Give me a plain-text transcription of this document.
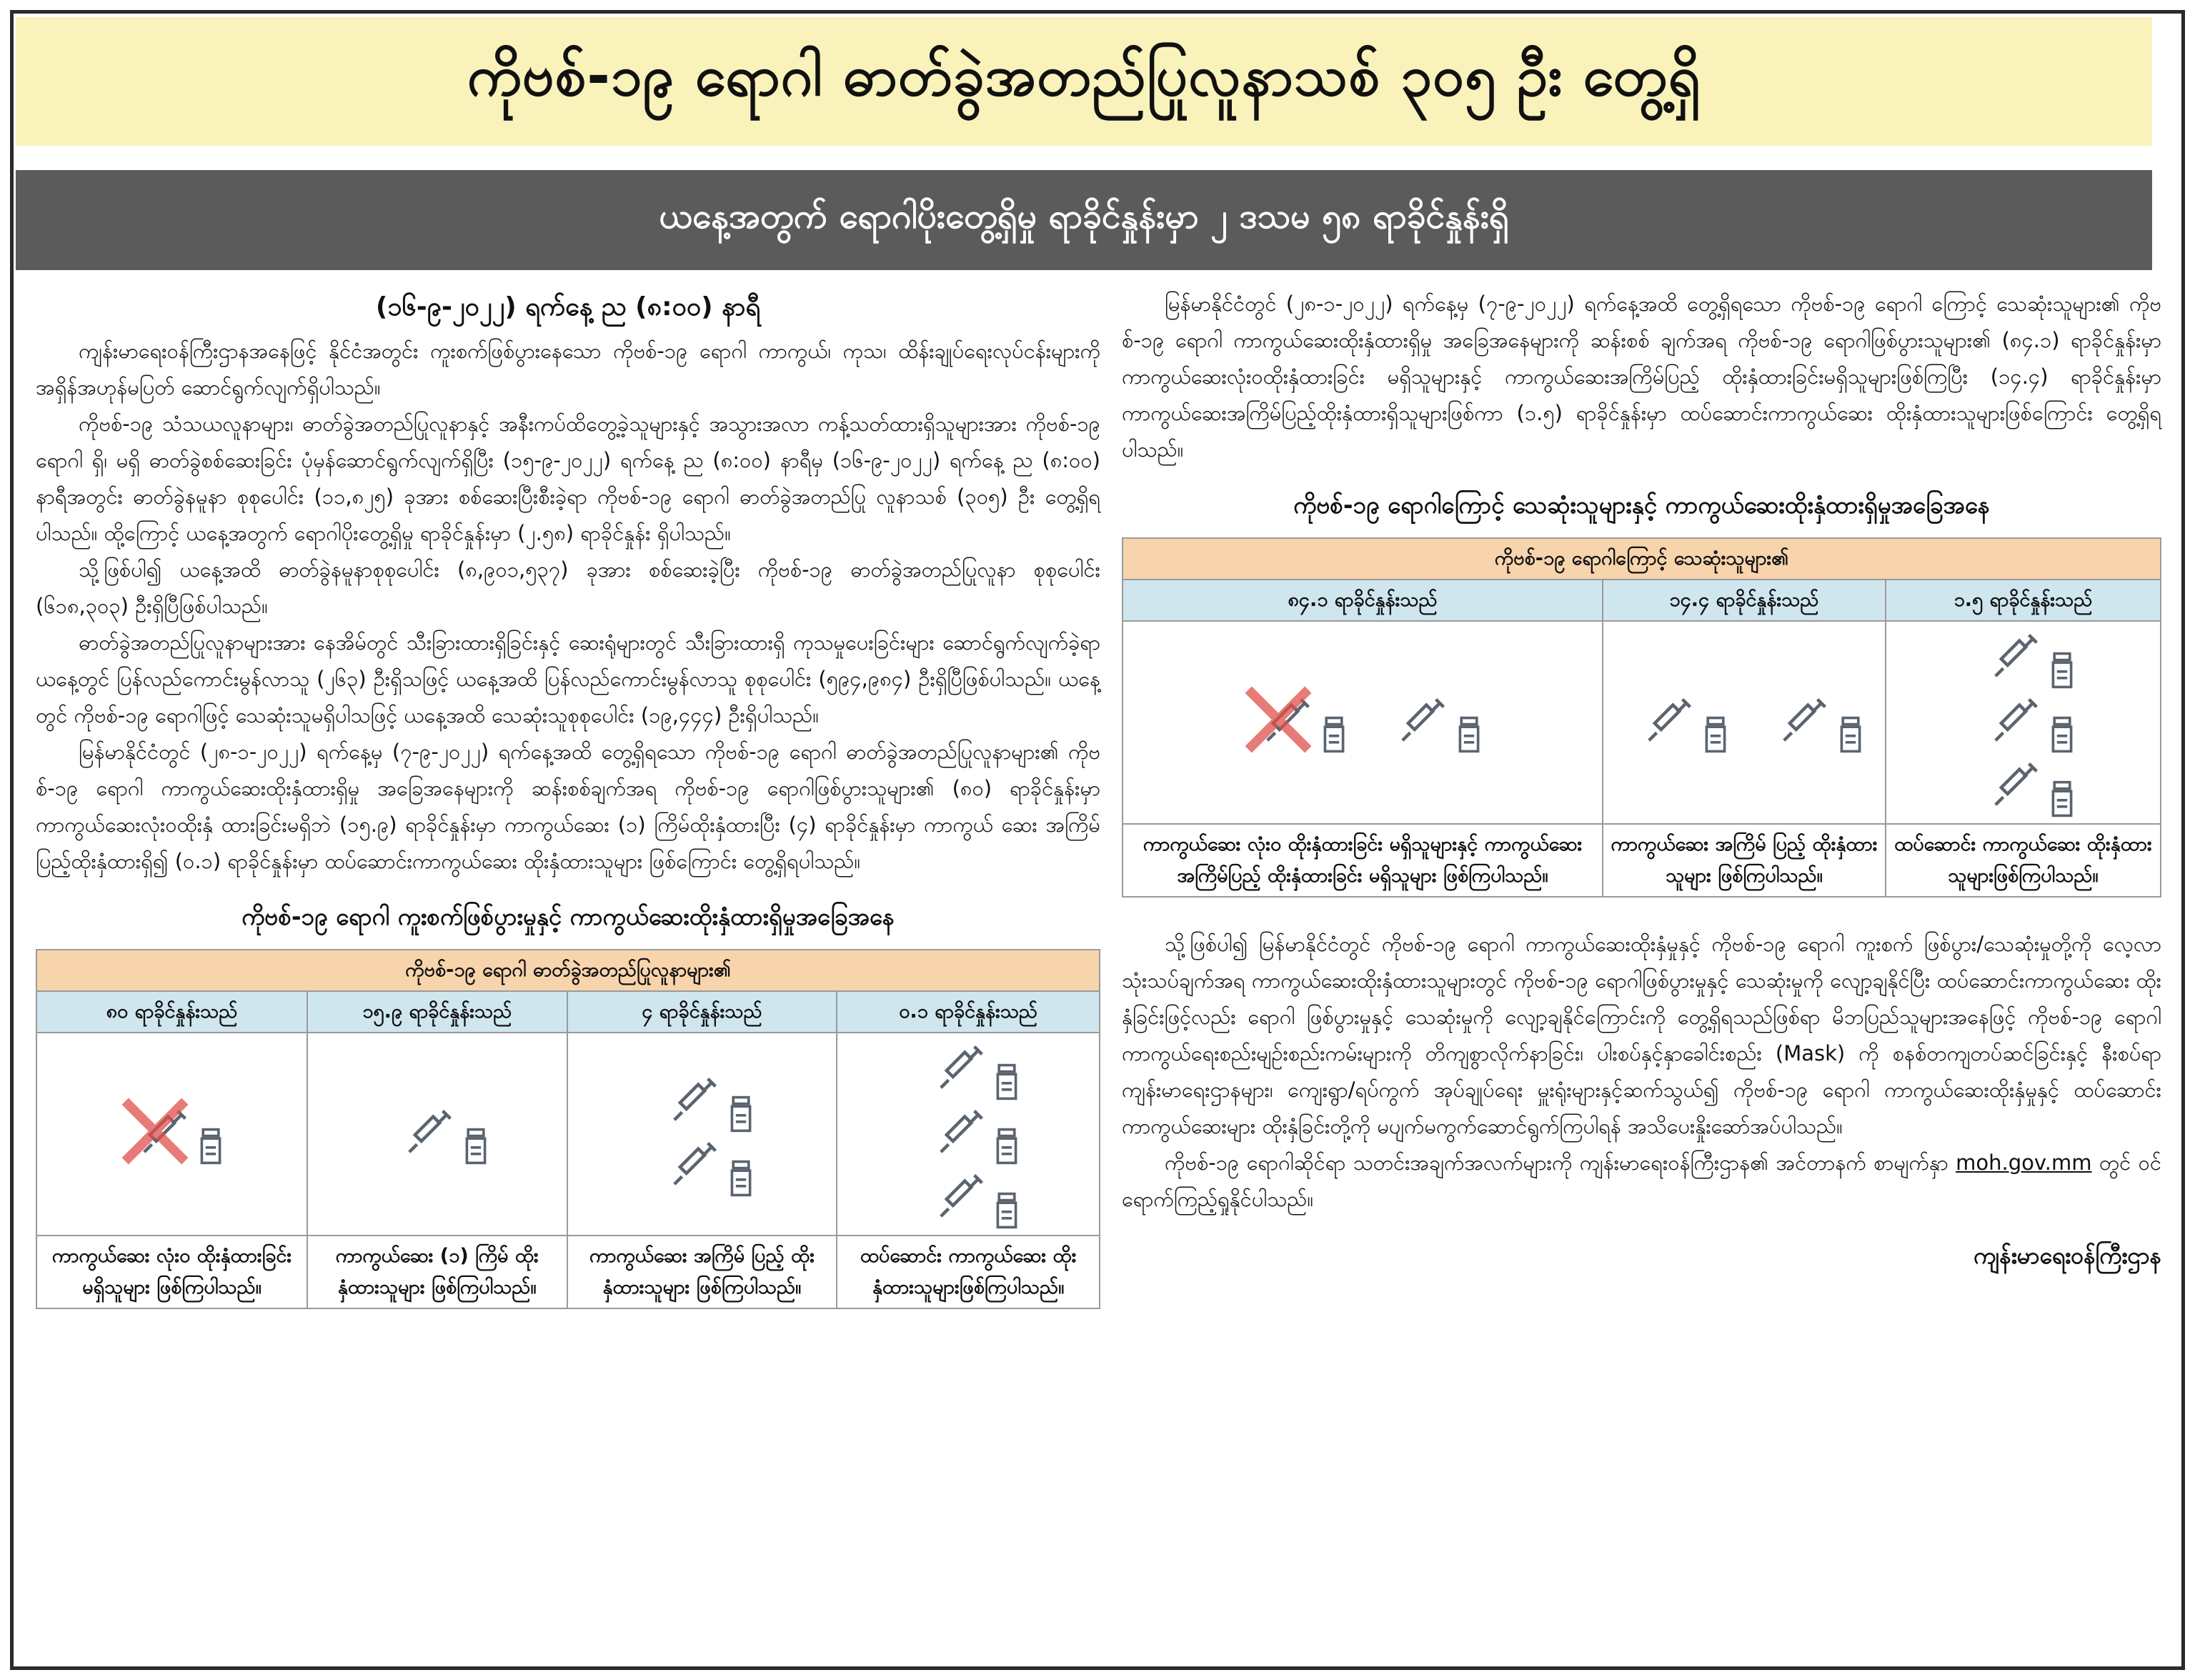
ကိုဗစ်-၁၉ ရောဂါ ဓာတ်ခွဲအတည်ပြုလူနာသစ် ၃၀၅ ဦး တွေ့ရှိ
ယနေ့အတွက် ရောဂါပိုးတွေ့ရှိမှု ရာခိုင်နှုန်းမှာ ၂ ဒသမ ၅၈ ရာခိုင်နှုန်းရှိ
(၁၆-၉-၂၀၂၂) ရက်နေ့ ည (၈:၀၀) နာရီ

ကျန်းမာရေးဝန်ကြီးဌာနအနေဖြင့် နိုင်ငံအတွင်း ကူးစက်ဖြစ်ပွားနေသော ကိုဗစ်-၁၉ ရောဂါ ကာကွယ်၊ ကုသ၊ ထိန်းချုပ်ရေးလုပ်ငန်းများကို အရှိန်အဟုန်မပြတ် ဆောင်ရွက်လျက်ရှိပါသည်။

ကိုဗစ်-၁၉ သံသယလူနာများ၊ ဓာတ်ခွဲအတည်ပြုလူနာနှင့် အနီးကပ်ထိတွေ့ခဲ့သူများနှင့် အသွားအလာ ကန့်သတ်ထားရှိသူများအား ကိုဗစ်-၁၉ ရောဂါ ရှိ၊ မရှိ ဓာတ်ခွဲစစ်ဆေးခြင်း ပုံမှန်ဆောင်ရွက်လျက်ရှိပြီး (၁၅-၉-၂၀၂၂) ရက်နေ့ ည (၈:၀၀) နာရီမှ (၁၆-၉-၂၀၂၂) ရက်နေ့ ည (၈:၀၀) နာရီအတွင်း ဓာတ်ခွဲနမူနာ စုစုပေါင်း (၁၁,၈၂၅) ခုအား စစ်ဆေးပြီးစီးခဲ့ရာ ကိုဗစ်-၁၉ ရောဂါ ဓာတ်ခွဲအတည်ပြု လူနာသစ် (၃၀၅) ဦး တွေ့ရှိရပါသည်။ ထို့ကြောင့် ယနေ့အတွက် ရောဂါပိုးတွေ့ရှိမှု ရာခိုင်နှုန်းမှာ (၂.၅၈) ရာခိုင်နှုန်း ရှိပါသည်။

သို့ဖြစ်ပါ၍ ယနေ့အထိ ဓာတ်ခွဲနမူနာစုစုပေါင်း (၈,၉၀၁,၅၃၇) ခုအား စစ်ဆေးခဲ့ပြီး ကိုဗစ်-၁၉ ဓာတ်ခွဲအတည်ပြုလူနာ စုစုပေါင်း (၆၁၈,၃၀၃) ဦးရှိပြီဖြစ်ပါသည်။

ဓာတ်ခွဲအတည်ပြုလူနာများအား နေအိမ်တွင် သီးခြားထားရှိခြင်းနှင့် ဆေးရုံများတွင် သီးခြားထားရှိ ကုသမှုပေးခြင်းများ ဆောင်ရွက်လျက်ခဲ့ရာ ယနေ့တွင် ပြန်လည်ကောင်းမွန်လာသူ (၂၆၃) ဦးရှိသဖြင့် ယနေ့အထိ ပြန်လည်ကောင်းမွန်လာသူ စုစုပေါင်း (၅၉၄,၉၈၄) ဦးရှိပြီဖြစ်ပါသည်။ ယနေ့တွင် ကိုဗစ်-၁၉ ရောဂါဖြင့် သေဆုံးသူမရှိပါသဖြင့် ယနေ့အထိ သေဆုံးသူစုစုပေါင်း (၁၉,၄၄၄) ဦးရှိပါသည်။

မြန်မာနိုင်ငံတွင် (၂၈-၁-၂၀၂၂) ရက်နေ့မှ (၇-၉-၂၀၂၂) ရက်နေ့အထိ တွေ့ရှိရသော ကိုဗစ်-၁၉ ရောဂါ ဓာတ်ခွဲအတည်ပြုလူနာများ၏ ကိုဗစ်-၁၉ ရောဂါ ကာကွယ်ဆေးထိုးနှံထားရှိမှု အခြေအနေများကို ဆန်းစစ်ချက်အရ ကိုဗစ်-၁၉ ရောဂါဖြစ်ပွားသူများ၏ (၈၀) ရာခိုင်နှုန်းမှာ ကာကွယ်ဆေးလုံးဝထိုးနှံ ထားခြင်းမရှိဘဲ (၁၅.၉) ရာခိုင်နှုန်းမှာ ကာကွယ်ဆေး (၁) ကြိမ်ထိုးနှံထားပြီး (၄) ရာခိုင်နှုန်းမှာ ကာကွယ် ဆေး အကြိမ်ပြည့်ထိုးနှံထားရှိ၍ (၀.၁) ရာခိုင်နှုန်းမှာ ထပ်ဆောင်းကာကွယ်ဆေး ထိုးနှံထားသူများ ဖြစ်ကြောင်း တွေ့ရှိရပါသည်။

ကိုဗစ်-၁၉ ရောဂါ ကူးစက်ဖြစ်ပွားမှုနှင့် ကာကွယ်ဆေးထိုးနှံထားရှိမှုအခြေအနေ
ကိုဗစ်-၁၉ ရောဂါ ဓာတ်ခွဲအတည်ပြုလူနာများ၏			
၈၀ ရာခိုင်နှုန်းသည်	၁၅.၉ ရာခိုင်နှုန်းသည်	၄ ရာခိုင်နှုန်းသည်	၀.၁ ရာခိုင်နှုန်းသည်

ကာကွယ်ဆေး လုံးဝ ထိုးနှံထားခြင်း မရှိသူများ ဖြစ်ကြပါသည်။	ကာကွယ်ဆေး (၁) ကြိမ် ထိုးနှံထားသူများ ဖြစ်ကြပါသည်။	ကာကွယ်ဆေး အကြိမ် ပြည့် ထိုးနှံထားသူများ ဖြစ်ကြပါသည်။	ထပ်ဆောင်း ကာကွယ်ဆေး ထိုးနှံထားသူများဖြစ်ကြပါသည်။

မြန်မာနိုင်ငံတွင် (၂၈-၁-၂၀၂၂) ရက်နေ့မှ (၇-၉-၂၀၂၂) ရက်နေ့အထိ တွေ့ရှိရသော ကိုဗစ်-၁၉ ရောဂါ ကြောင့် သေဆုံးသူများ၏ ကိုဗစ်-၁၉ ရောဂါ ကာကွယ်ဆေးထိုးနှံထားရှိမှု အခြေအနေများကို ဆန်းစစ် ချက်အရ ကိုဗစ်-၁၉ ရောဂါဖြစ်ပွားသူများ၏ (၈၄.၁) ရာခိုင်နှုန်းမှာ ကာကွယ်ဆေးလုံးဝထိုးနှံထားခြင်း မရှိသူများနှင့် ကာကွယ်ဆေးအကြိမ်ပြည့် ထိုးနှံထားခြင်းမရှိသူများဖြစ်ကြပြီး (၁၄.၄) ရာခိုင်နှုန်းမှာ ကာကွယ်ဆေးအကြိမ်ပြည့်ထိုးနှံထားရှိသူများဖြစ်ကာ (၁.၅) ရာခိုင်နှုန်းမှာ ထပ်ဆောင်းကာကွယ်ဆေး ထိုးနှံထားသူများဖြစ်ကြောင်း တွေ့ရှိရပါသည်။

ကိုဗစ်-၁၉ ရောဂါကြောင့် သေဆုံးသူများနှင့် ကာကွယ်ဆေးထိုးနှံထားရှိမှုအခြေအနေ
ကိုဗစ်-၁၉ ရောဂါကြောင့် သေဆုံးသူများ၏		
၈၄.၁ ရာခိုင်နှုန်းသည်	၁၄.၄ ရာခိုင်နှုန်းသည်	၁.၅ ရာခိုင်နှုန်းသည်

ကာကွယ်ဆေး လုံး၀ ထိုးနှံထားခြင်း မရှိသူများနှင့် ကာကွယ်ဆေး အကြိမ်ပြည့် ထိုးနှံထားခြင်း မရှိသူများ ဖြစ်ကြပါသည်။	ကာကွယ်ဆေး အကြိမ် ပြည့် ထိုးနှံထားသူများ ဖြစ်ကြပါသည်။	ထပ်ဆောင်း ကာကွယ်ဆေး ထိုးနှံထားသူများဖြစ်ကြပါသည်။

သို့ဖြစ်ပါ၍ မြန်မာနိုင်ငံတွင် ကိုဗစ်-၁၉ ရောဂါ ကာကွယ်ဆေးထိုးနှံမှုနှင့် ကိုဗစ်-၁၉ ရောဂါ ကူးစက် ဖြစ်ပွား/သေဆုံးမှုတို့ကို လေ့လာသုံးသပ်ချက်အရ ကာကွယ်ဆေးထိုးနှံထားသူများတွင် ကိုဗစ်-၁၉ ရောဂါဖြစ်ပွားမှုနှင့် သေဆုံးမှုကို လျော့ချနိုင်ပြီး ထပ်ဆောင်းကာကွယ်ဆေး ထိုးနှံခြင်းဖြင့်လည်း ရောဂါ ဖြစ်ပွားမှုနှင့် သေဆုံးမှုကို လျော့ချနိုင်ကြောင်းကို တွေ့ရှိရသည်ဖြစ်ရာ မိဘပြည်သူများအနေဖြင့် ကိုဗစ်-၁၉ ရောဂါ ကာကွယ်ရေးစည်းမျဉ်းစည်းကမ်းများကို တိကျစွာလိုက်နာခြင်း၊ ပါးစပ်နှင့်နှာခေါင်းစည်း (Mask) ကို စနစ်တကျတပ်ဆင်ခြင်းနှင့် နီးစပ်ရာကျန်းမာရေးဌာနများ၊ ကျေးရွာ/ရပ်ကွက် အုပ်ချုပ်ရေး မှူးရုံးများနှင့်ဆက်သွယ်၍ ကိုဗစ်-၁၉ ရောဂါ ကာကွယ်ဆေးထိုးနှံမှုနှင့် ထပ်ဆောင်းကာကွယ်ဆေးများ ထိုးနှံခြင်းတို့ကို မပျက်မကွက်ဆောင်ရွက်ကြပါရန် အသိပေးနှိုးဆော်အပ်ပါသည်။

ကိုဗစ်-၁၉ ရောဂါဆိုင်ရာ သတင်းအချက်အလက်များကို ကျန်းမာရေးဝန်ကြီးဌာန၏ အင်တာနက် စာမျက်နှာ moh.gov.mm တွင် ဝင်ရောက်ကြည့်ရှုနိုင်ပါသည်။

ကျန်းမာရေးဝန်ကြီးဌာန
